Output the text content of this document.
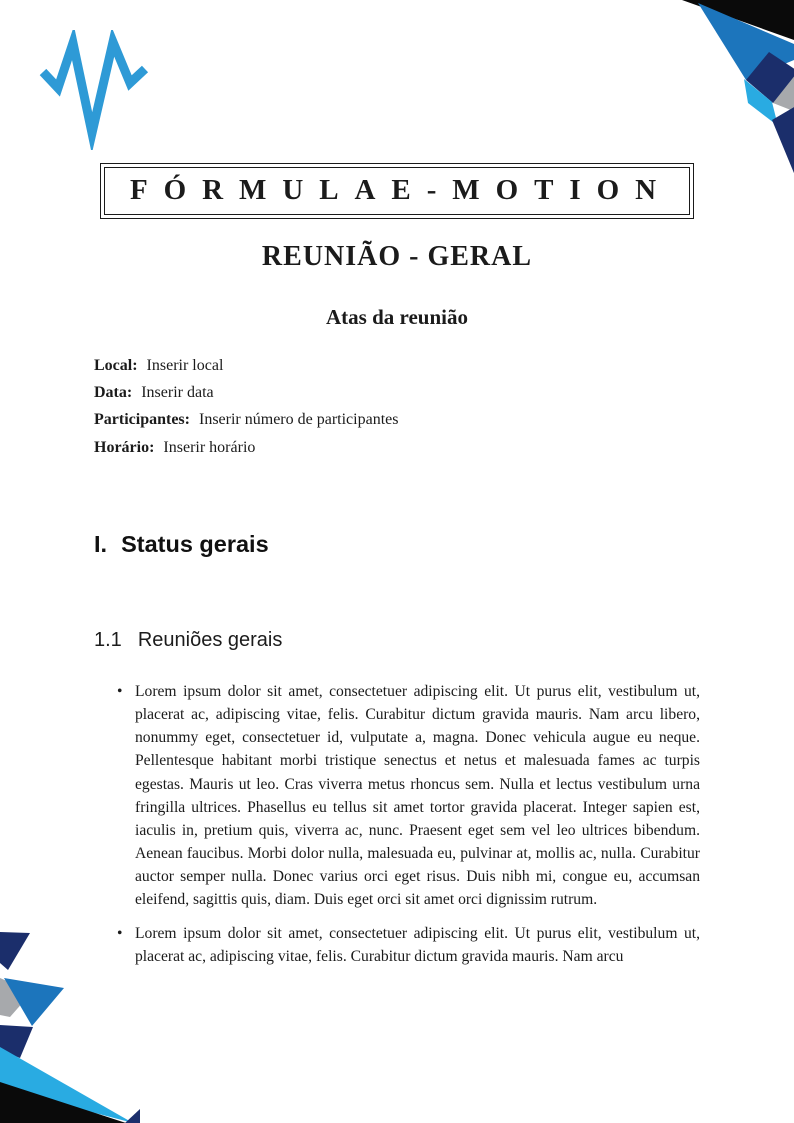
FÓRMULAE-MOTION
REUNIÃO - GERAL
Atas da reunião
Local: Inserir local
Data: Inserir data
Participantes: Inserir número de participantes
Horário: Inserir horário
I. Status gerais
1.1 Reuniões gerais
• Lorem ipsum dolor sit amet, consectetuer adipiscing elit. Ut purus elit, vestibulum ut, placerat ac, adipiscing vitae, felis. Curabitur dictum gravida mauris. Nam arcu libero, nonummy eget, consectetuer id, vulputate a, magna. Donec vehicula augue eu neque. Pellentesque habitant morbi tristique senectus et netus et malesuada fames ac turpis egestas. Mauris ut leo. Cras viverra metus rhoncus sem. Nulla et lectus vestibulum urna fringilla ultrices. Phasellus eu tellus sit amet tortor gravida placerat. Integer sapien est, iaculis in, pretium quis, viverra ac, nunc. Praesent eget sem vel leo ultrices bibendum. Aenean faucibus. Morbi dolor nulla, malesuada eu, pulvinar at, mollis ac, nulla. Curabitur auctor semper nulla. Donec varius orci eget risus. Duis nibh mi, congue eu, accumsan eleifend, sagittis quis, diam. Duis eget orci sit amet orci dignissim rutrum.
• Lorem ipsum dolor sit amet, consectetuer adipiscing elit. Ut purus elit, vestibulum ut, placerat ac, adipiscing vitae, felis. Curabitur dictum gravida mauris. Nam arcu
